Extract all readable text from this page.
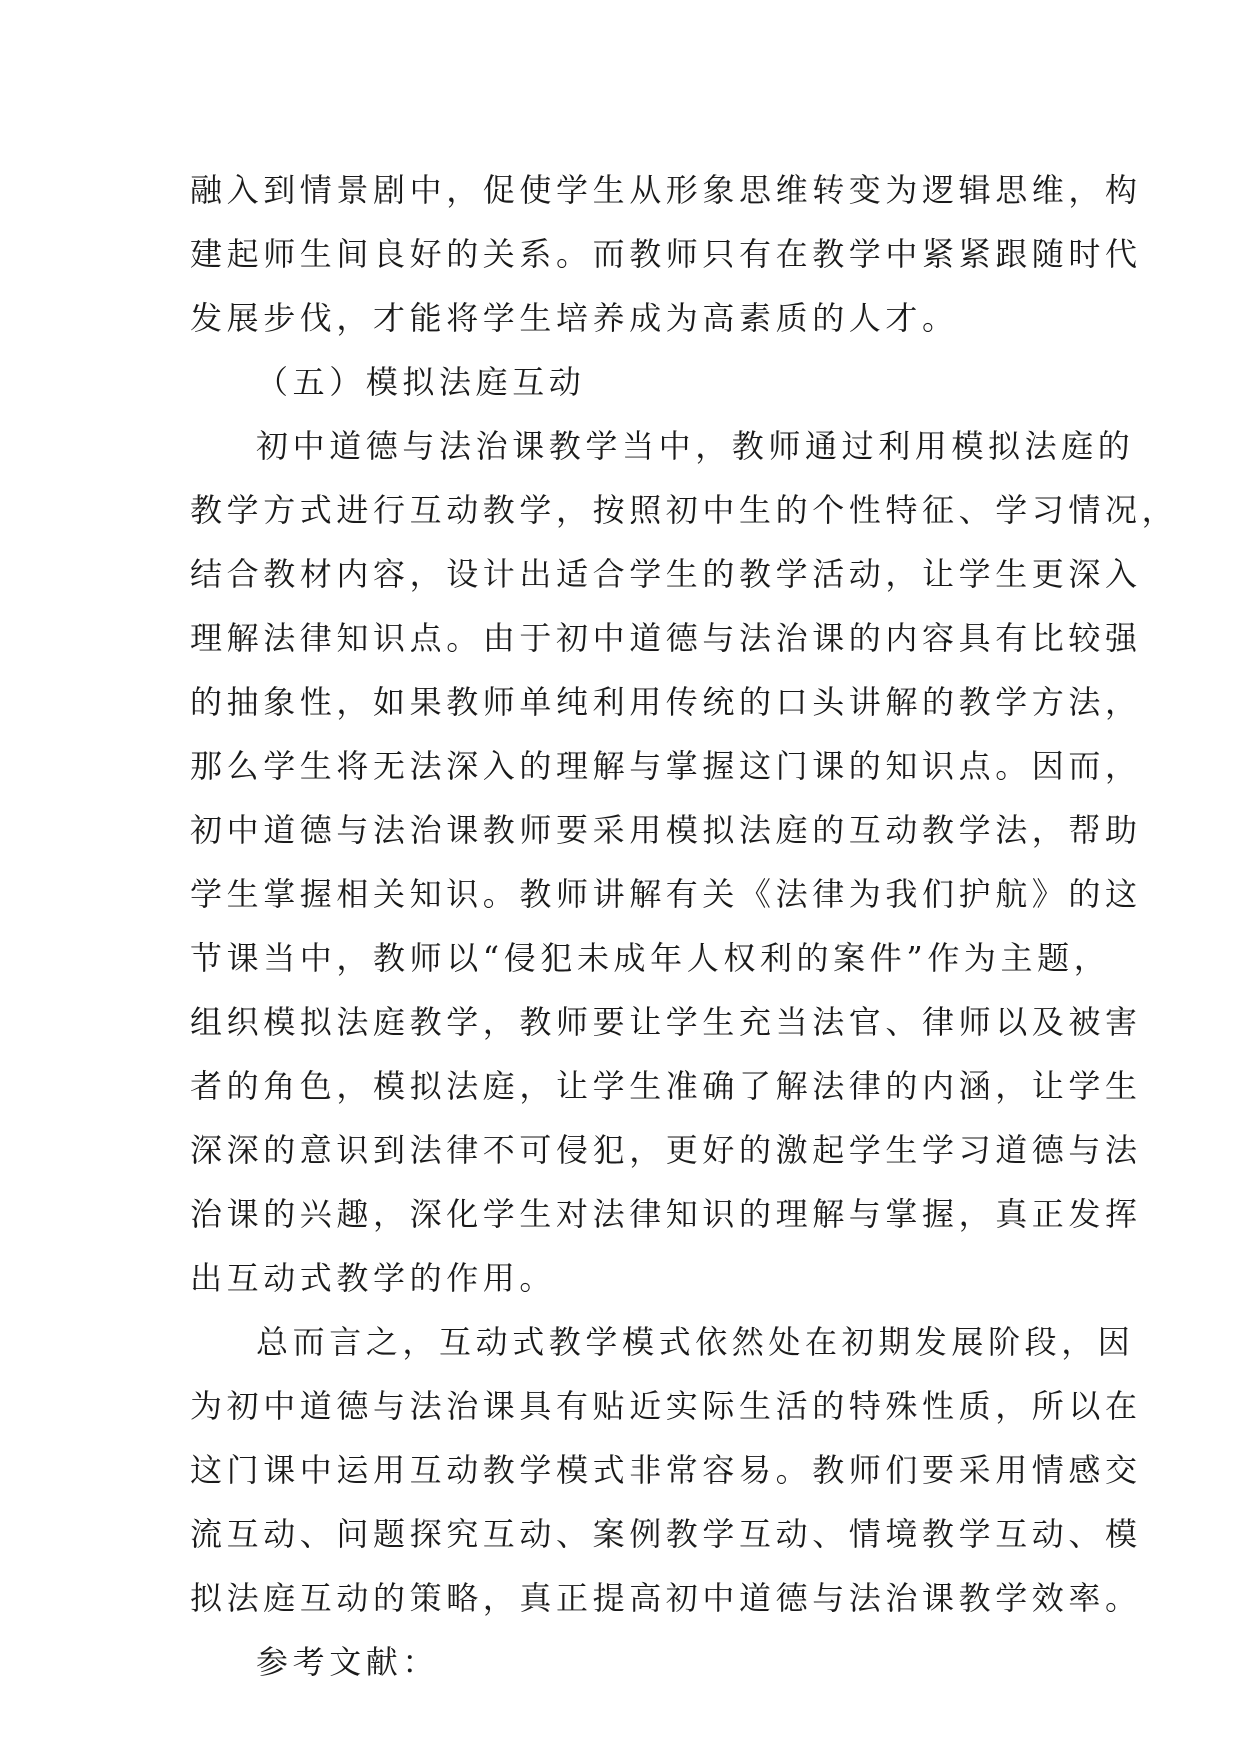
融入到情景剧中，促使学生从形象思维转变为逻辑思维，构
建起师生间良好的关系。而教师只有在教学中紧紧跟随时代
发展步伐，才能将学生培养成为高素质的人才。
（五）模拟法庭互动
初中道德与法治课教学当中，教师通过利用模拟法庭的
教学方式进行互动教学，按照初中生的个性特征、学习情况，
结合教材内容，设计出适合学生的教学活动，让学生更深入
理解法律知识点。由于初中道德与法治课的内容具有比较强
的抽象性，如果教师单纯利用传统的口头讲解的教学方法，
那么学生将无法深入的理解与掌握这门课的知识点。因而，
初中道德与法治课教师要采用模拟法庭的互动教学法，帮助
学生掌握相关知识。教师讲解有关《法律为我们护航》的这
节课当中，教师以“侵犯未成年人权利的案件”作为主题，
组织模拟法庭教学，教师要让学生充当法官、律师以及被害
者的角色，模拟法庭，让学生准确了解法律的内涵，让学生
深深的意识到法律不可侵犯，更好的激起学生学习道德与法
治课的兴趣，深化学生对法律知识的理解与掌握，真正发挥
出互动式教学的作用。
总而言之，互动式教学模式依然处在初期发展阶段，因
为初中道德与法治课具有贴近实际生活的特殊性质，所以在
这门课中运用互动教学模式非常容易。教师们要采用情感交
流互动、问题探究互动、案例教学互动、情境教学互动、模
拟法庭互动的策略，真正提高初中道德与法治课教学效率。
参考文献：
